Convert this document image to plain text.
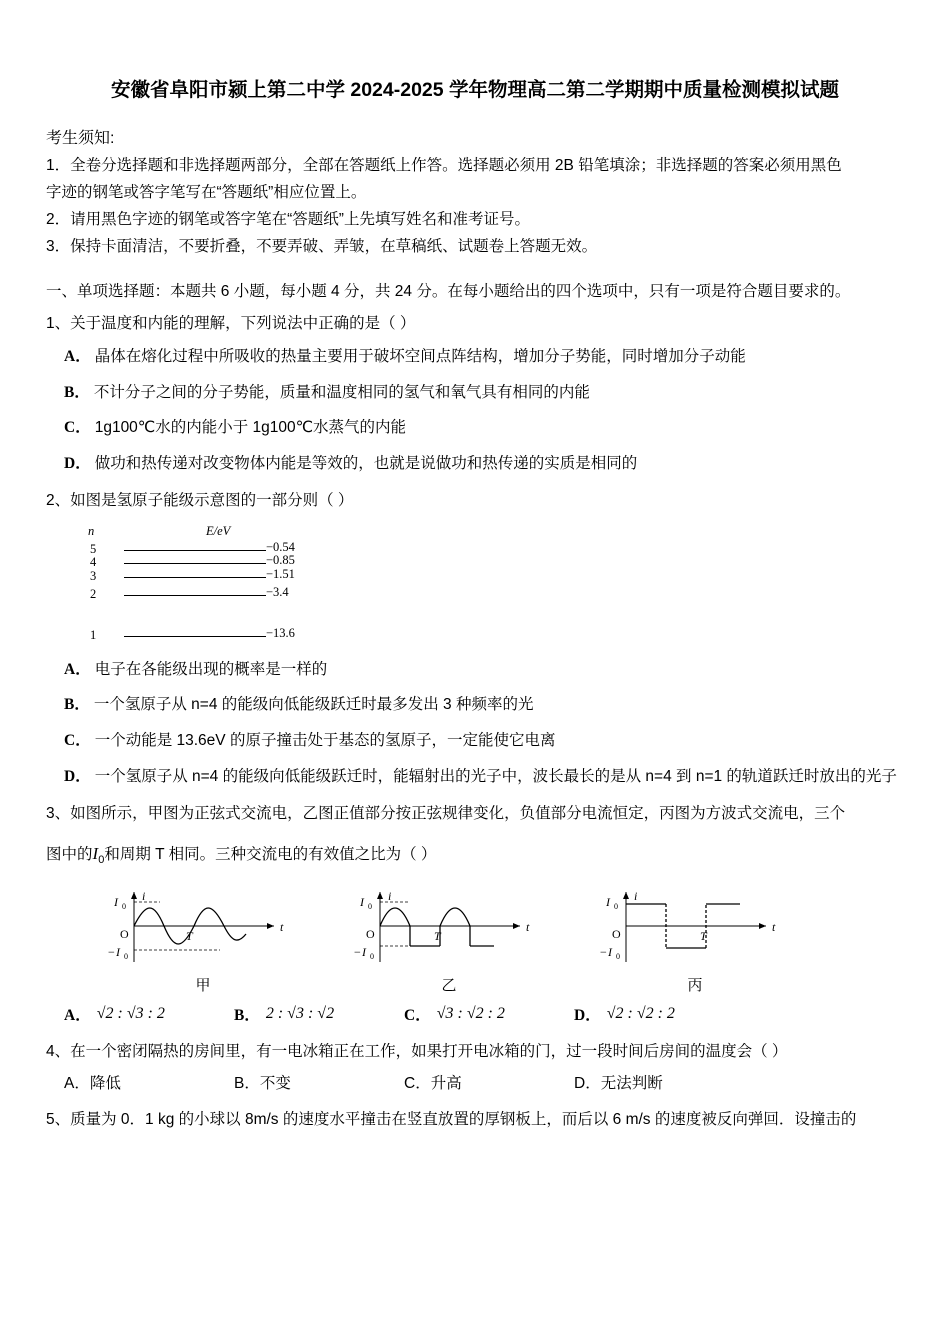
安徽省阜阳市颍上第二中学 2024-2025 学年物理高二第二学期期中质量检测模拟试题
考生须知:
1．全卷分选择题和非选择题两部分，全部在答题纸上作答。选择题必须用 2B 铅笔填涂；非选择题的答案必须用黑色
字迹的钢笔或答字笔写在“答题纸”相应位置上。
2．请用黑色字迹的钢笔或答字笔在“答题纸”上先填写姓名和准考证号。
3．保持卡面清洁，不要折叠，不要弄破、弄皱，在草稿纸、试题卷上答题无效。
一、单项选择题：本题共 6 小题，每小题 4 分，共 24 分。在每小题给出的四个选项中，只有一项是符合题目要求的。
1、关于温度和内能的理解，下列说法中正确的是（ ）
A． 晶体在熔化过程中所吸收的热量主要用于破坏空间点阵结构，增加分子势能，同时增加分子动能
B． 不计分子之间的分子势能，质量和温度相同的氢气和氧气具有相同的内能
C． 1g100℃水的内能小于 1g100℃水蒸气的内能
D． 做功和热传递对改变物体内能是等效的，也就是说做功和热传递的实质是相同的
2、如图是氢原子能级示意图的一部分则（ ）
n	E/eV
5	−0.54
4	−0.85
3	−1.51
2	−3.4
1	−13.6
A． 电子在各能级出现的概率是一样的
B． 一个氢原子从 n=4 的能级向低能级跃迁时最多发出 3 种频率的光
C． 一个动能是 13.6eV 的原子撞击处于基态的氢原子，一定能使它电离
D． 一个氢原子从 n=4 的能级向低能级跃迁时，能辐射出的光子中，波长最长的是从 n=4 到 n=1 的轨道跃迁时放出的光子
3、如图所示，甲图为正弦式交流电，乙图正值部分按正弦规律变化，负值部分电流恒定，丙图为方波式交流电，三个
图中的$I_0$和周期 T 相同。三种交流电的有效值之比为（ ）
I 0
i
O
− I 0
T
t
甲
I 0
i
O
− I 0
T
t
乙
I 0
i
O
− I 0
T
t
丙
A． √2 : √3 : 2	B． 2 : √3 : √2	C． √3 : √2 : 2	D． √2 : √2 : 2
4、在一个密闭隔热的房间里，有一电冰箱正在工作，如果打开电冰箱的门，过一段时间后房间的温度会（ ）
A． 降低	B． 不变	C． 升高	D． 无法判断
5、质量为 0．1 kg 的小球以 8m/s 的速度水平撞击在竖直放置的厚钢板上，而后以 6 m/s 的速度被反向弹回．设撞击的
